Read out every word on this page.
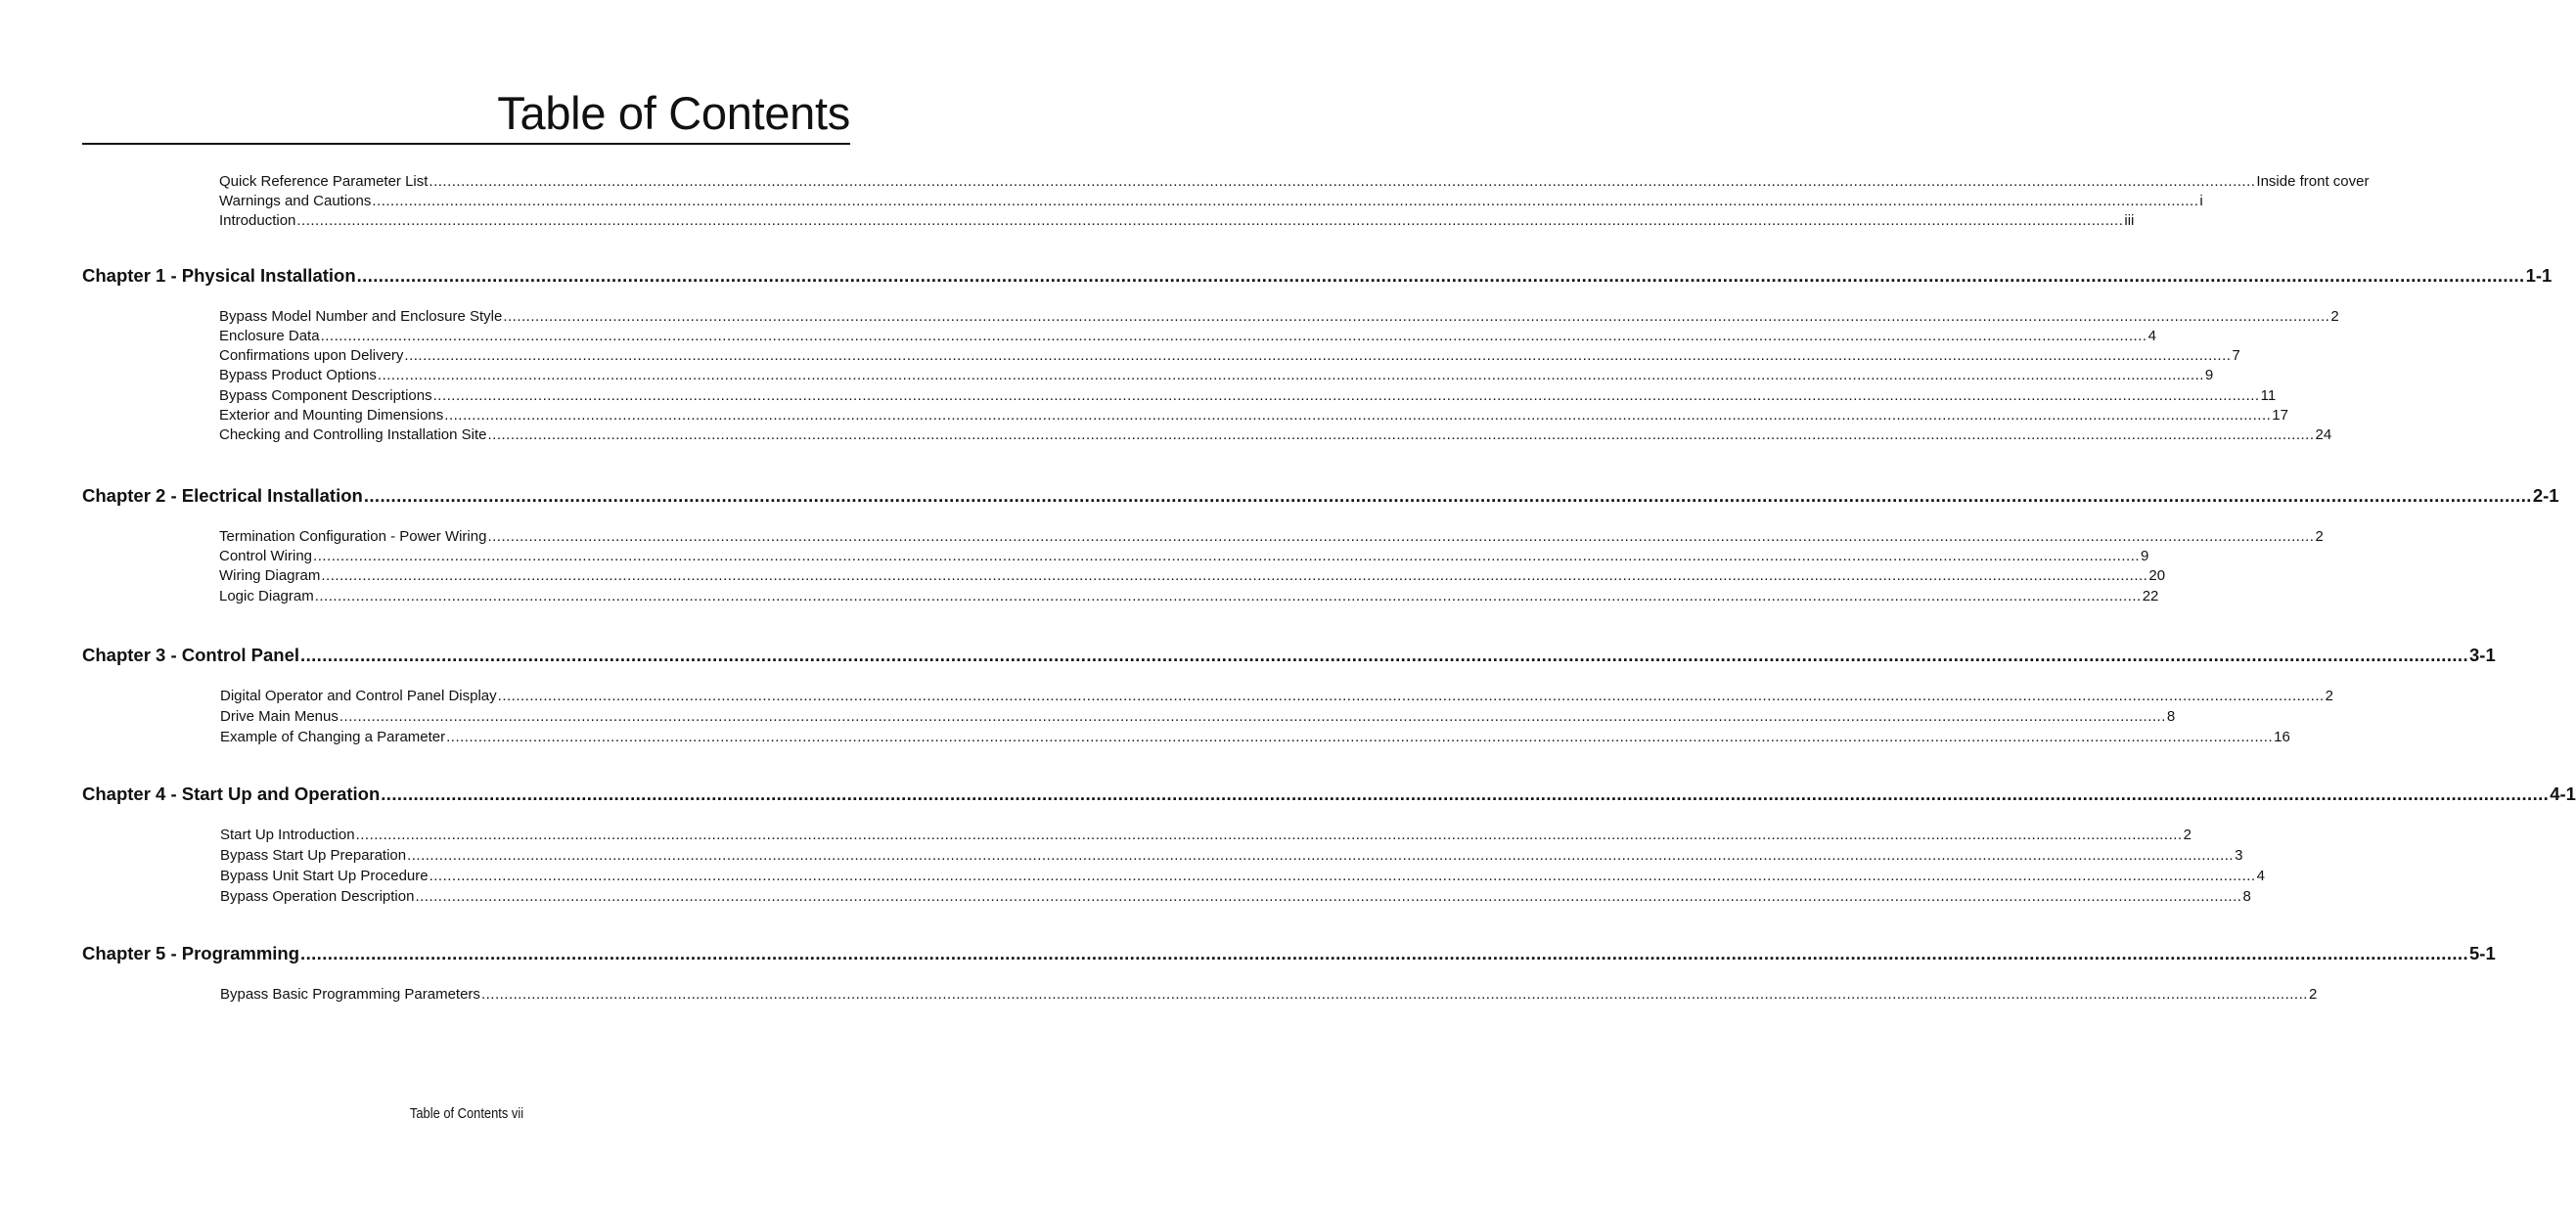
Table of Contents
Quick Reference Parameter List ................................................................................................................................................................................................................................................................................................................................................................................................................ Inside front cover
Warnings and Cautions ................................................................................................................................................................................................................................................................................................................................................................................................................ i
Introduction ................................................................................................................................................................................................................................................................................................................................................................................................................ iii
Chapter 1 - Physical Installation ................................................................................................................................................................................................................................................................................................................................................................................................................ 1-1
Bypass Model Number and Enclosure Style ................................................................................................................................................................................................................................................................................................................................................................................................................ 2
Enclosure Data ................................................................................................................................................................................................................................................................................................................................................................................................................ 4
Confirmations upon Delivery ................................................................................................................................................................................................................................................................................................................................................................................................................ 7
Bypass Product Options ................................................................................................................................................................................................................................................................................................................................................................................................................ 9
Bypass Component Descriptions ................................................................................................................................................................................................................................................................................................................................................................................................................ 11
Exterior and Mounting Dimensions ................................................................................................................................................................................................................................................................................................................................................................................................................ 17
Checking and Controlling Installation Site ................................................................................................................................................................................................................................................................................................................................................................................................................ 24
Chapter 2 - Electrical Installation ................................................................................................................................................................................................................................................................................................................................................................................................................ 2-1
Termination Configuration - Power Wiring ................................................................................................................................................................................................................................................................................................................................................................................................................ 2
Control Wiring ................................................................................................................................................................................................................................................................................................................................................................................................................ 9
Wiring Diagram ................................................................................................................................................................................................................................................................................................................................................................................................................ 20
Logic Diagram ................................................................................................................................................................................................................................................................................................................................................................................................................ 22
Chapter 3 - Control Panel ................................................................................................................................................................................................................................................................................................................................................................................................................ 3-1
Digital Operator and Control Panel Display ................................................................................................................................................................................................................................................................................................................................................................................................................ 2
Drive Main Menus ................................................................................................................................................................................................................................................................................................................................................................................................................ 8
Example of Changing a Parameter ................................................................................................................................................................................................................................................................................................................................................................................................................ 16
Chapter 4 - Start Up and Operation ................................................................................................................................................................................................................................................................................................................................................................................................................ 4-1
Start Up Introduction ................................................................................................................................................................................................................................................................................................................................................................................................................ 2
Bypass Start Up Preparation ................................................................................................................................................................................................................................................................................................................................................................................................................ 3
Bypass Unit Start Up Procedure ................................................................................................................................................................................................................................................................................................................................................................................................................ 4
Bypass Operation Description ................................................................................................................................................................................................................................................................................................................................................................................................................ 8
Chapter 5 - Programming ................................................................................................................................................................................................................................................................................................................................................................................................................ 5-1
Bypass Basic Programming Parameters ................................................................................................................................................................................................................................................................................................................................................................................................................ 2
Table of Contents vii
